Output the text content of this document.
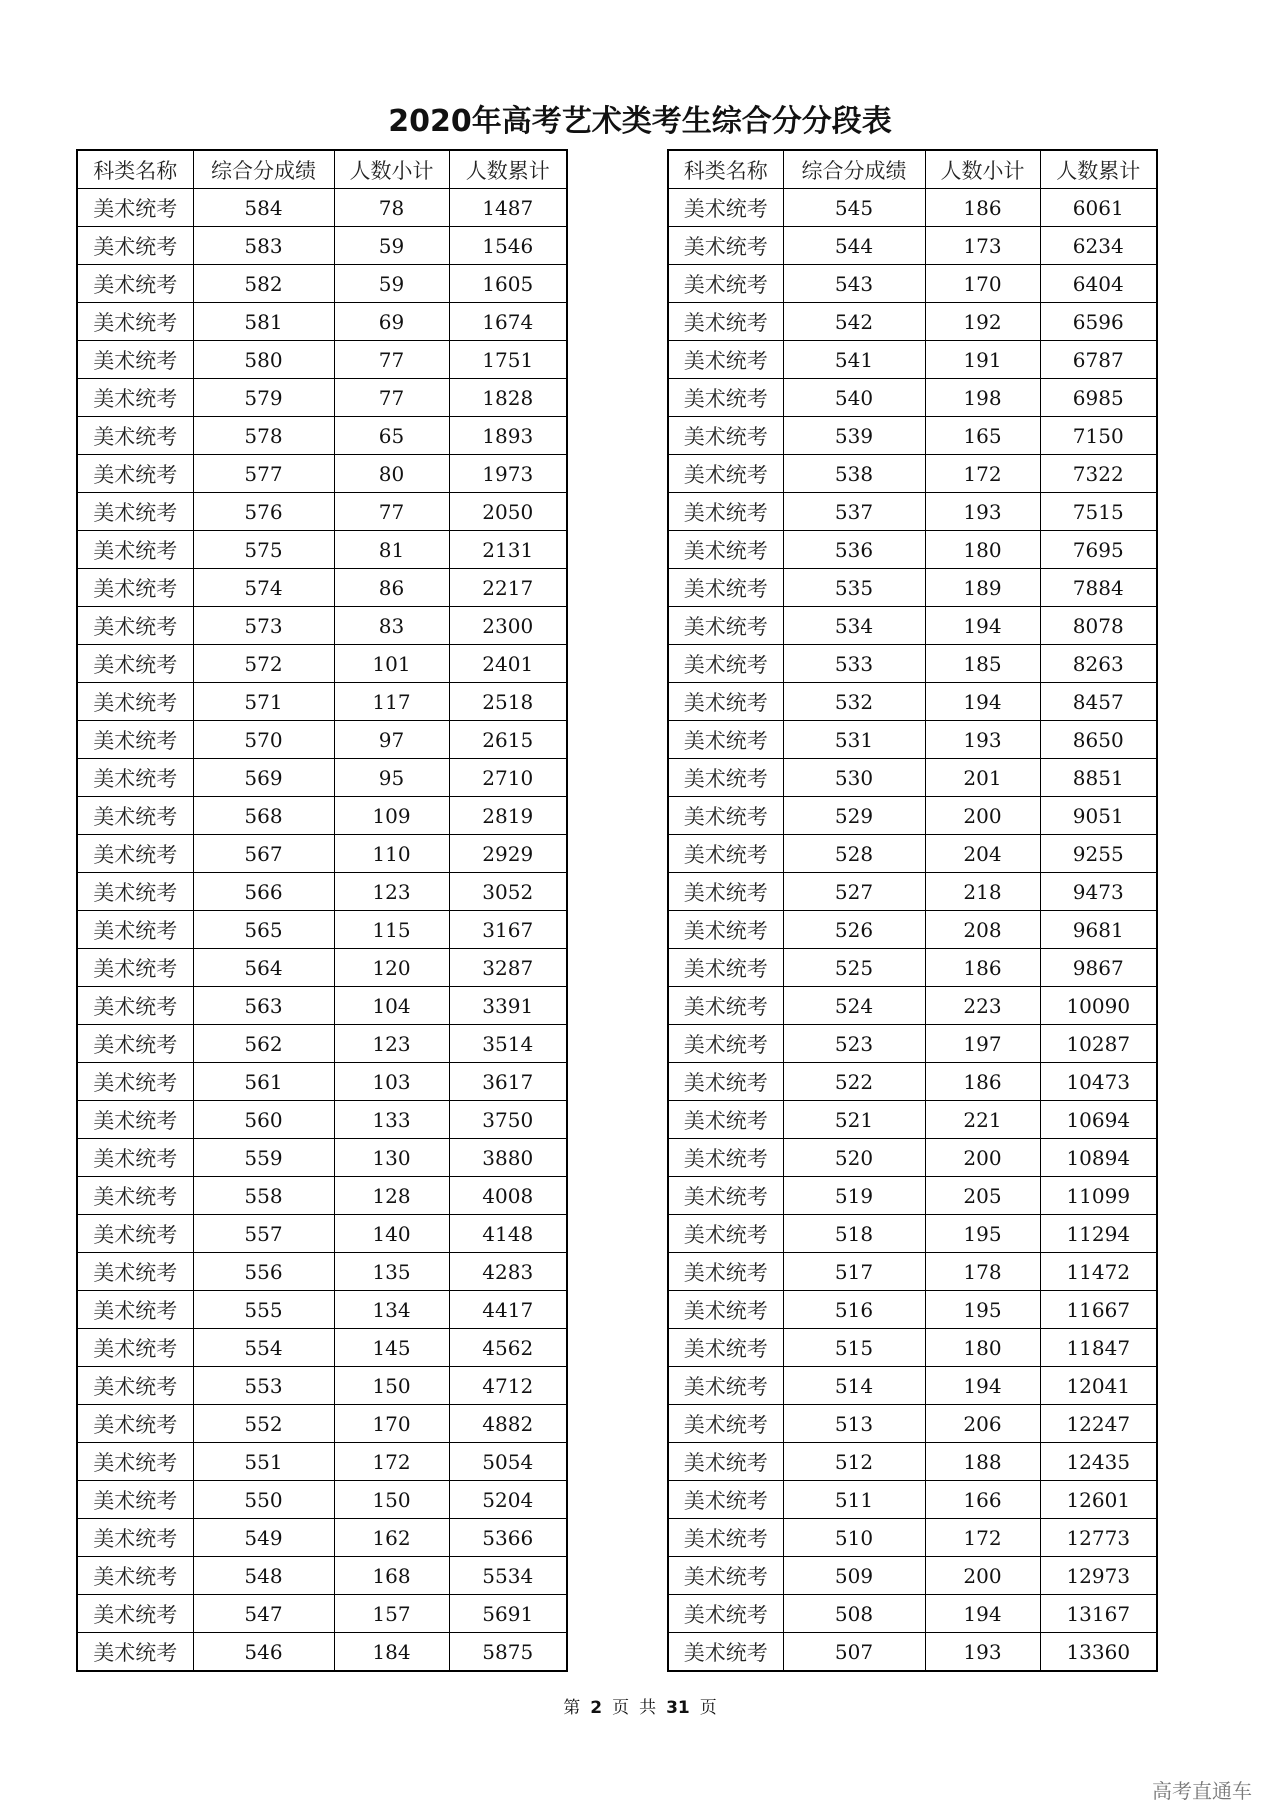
2020年高考艺术类考生综合分分段表
科类名称	综合分成绩	人数小计	人数累计
美术统考	584	78	1487
美术统考	583	59	1546
美术统考	582	59	1605
美术统考	581	69	1674
美术统考	580	77	1751
美术统考	579	77	1828
美术统考	578	65	1893
美术统考	577	80	1973
美术统考	576	77	2050
美术统考	575	81	2131
美术统考	574	86	2217
美术统考	573	83	2300
美术统考	572	101	2401
美术统考	571	117	2518
美术统考	570	97	2615
美术统考	569	95	2710
美术统考	568	109	2819
美术统考	567	110	2929
美术统考	566	123	3052
美术统考	565	115	3167
美术统考	564	120	3287
美术统考	563	104	3391
美术统考	562	123	3514
美术统考	561	103	3617
美术统考	560	133	3750
美术统考	559	130	3880
美术统考	558	128	4008
美术统考	557	140	4148
美术统考	556	135	4283
美术统考	555	134	4417
美术统考	554	145	4562
美术统考	553	150	4712
美术统考	552	170	4882
美术统考	551	172	5054
美术统考	550	150	5204
美术统考	549	162	5366
美术统考	548	168	5534
美术统考	547	157	5691
美术统考	546	184	5875
科类名称	综合分成绩	人数小计	人数累计
美术统考	545	186	6061
美术统考	544	173	6234
美术统考	543	170	6404
美术统考	542	192	6596
美术统考	541	191	6787
美术统考	540	198	6985
美术统考	539	165	7150
美术统考	538	172	7322
美术统考	537	193	7515
美术统考	536	180	7695
美术统考	535	189	7884
美术统考	534	194	8078
美术统考	533	185	8263
美术统考	532	194	8457
美术统考	531	193	8650
美术统考	530	201	8851
美术统考	529	200	9051
美术统考	528	204	9255
美术统考	527	218	9473
美术统考	526	208	9681
美术统考	525	186	9867
美术统考	524	223	10090
美术统考	523	197	10287
美术统考	522	186	10473
美术统考	521	221	10694
美术统考	520	200	10894
美术统考	519	205	11099
美术统考	518	195	11294
美术统考	517	178	11472
美术统考	516	195	11667
美术统考	515	180	11847
美术统考	514	194	12041
美术统考	513	206	12247
美术统考	512	188	12435
美术统考	511	166	12601
美术统考	510	172	12773
美术统考	509	200	12973
美术统考	508	194	13167
美术统考	507	193	13360
第 2 页 共 31 页
高考直通车
